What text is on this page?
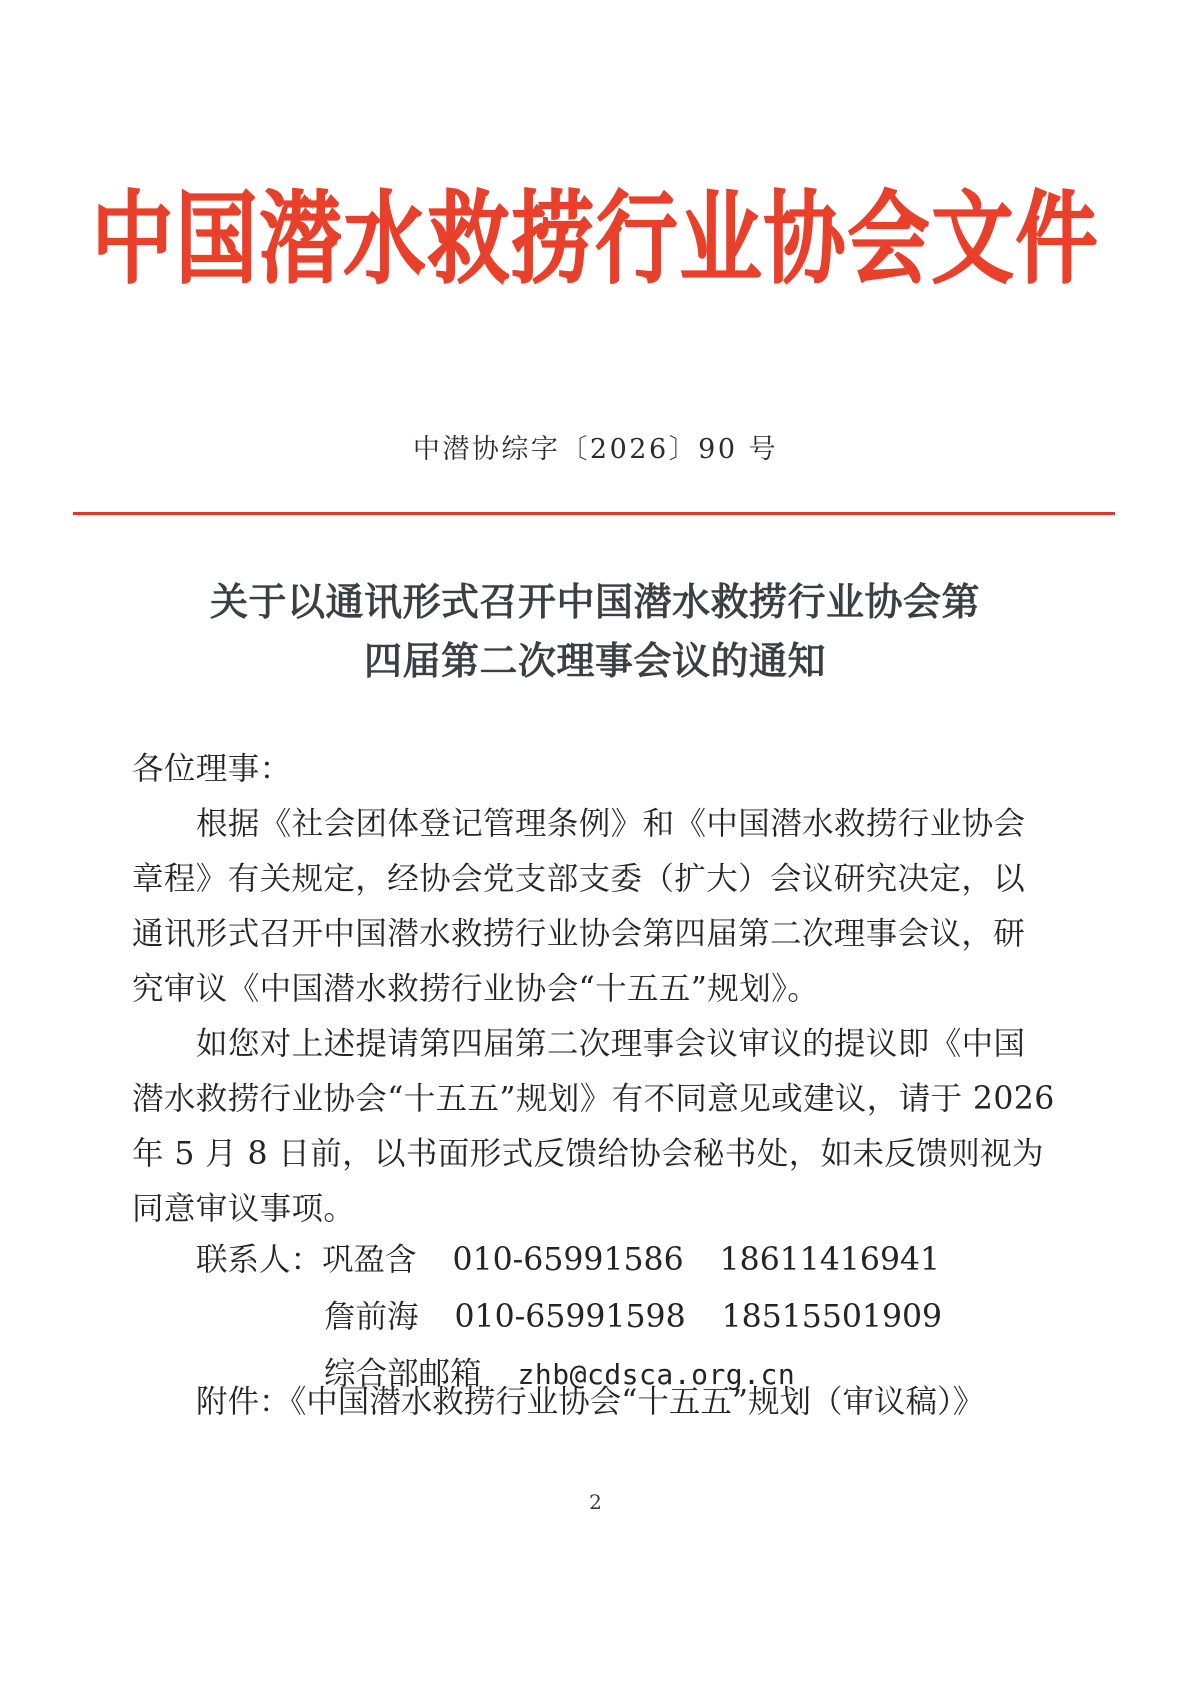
中国潜水救捞行业协会文件
中潜协综字〔2026〕90 号
关于以通讯形式召开中国潜水救捞行业协会第
四届第二次理事会议的通知
各位理事：
根据《社会团体登记管理条例》和《中国潜水救捞行业协会
章程》有关规定，经协会党支部支委（扩大）会议研究决定，以
通讯形式召开中国潜水救捞行业协会第四届第二次理事会议，研
究审议《中国潜水救捞行业协会“十五五”规划》。
如您对上述提请第四届第二次理事会议审议的提议即《中国
潜水救捞行业协会“十五五”规划》有不同意见或建议，请于 2026
年 5 月 8 日前，以书面形式反馈给协会秘书处，如未反馈则视为
同意审议事项。
联系人：巩盈含 010-65991586 18611416941
詹前海 010-65991598 18515501909
综合部邮箱 zhb@cdsca.org.cn
附件：《中国潜水救捞行业协会“十五五”规划（审议稿）》
2
